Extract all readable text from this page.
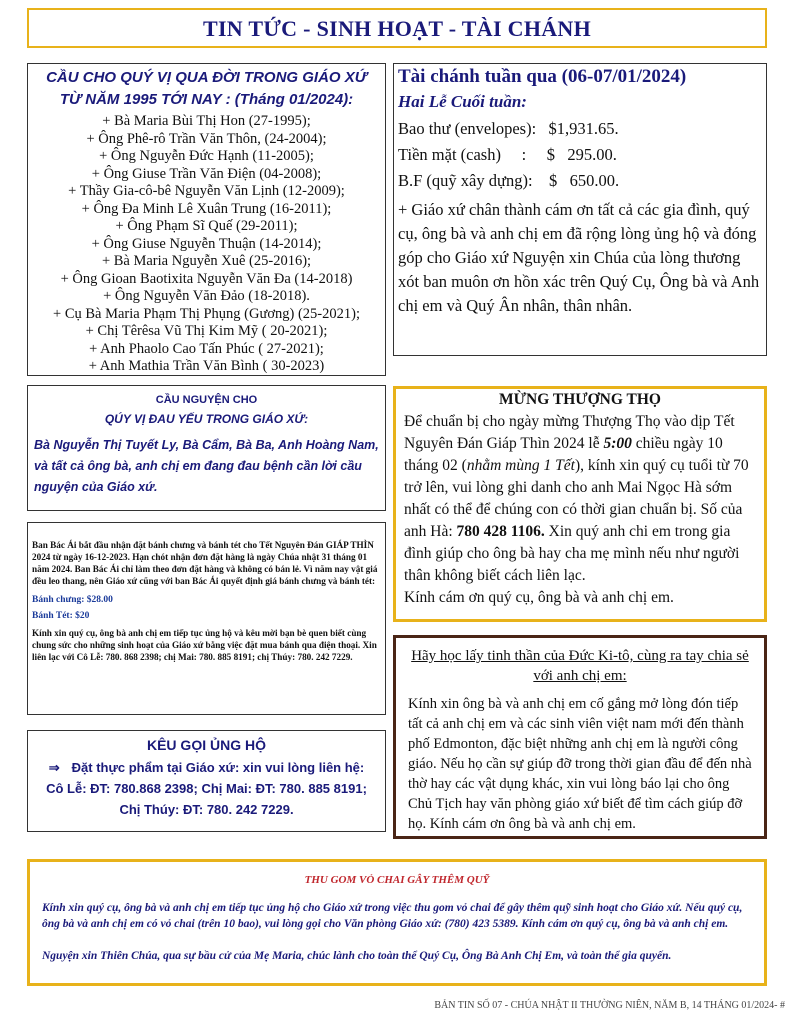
TIN TỨC - SINH HOẠT - TÀI CHÁNH
CẦU CHO QUÝ VỊ QUA ĐỜI TRONG GIÁO XỨ
TỪ NĂM 1995 TỚI NAY : (Tháng 01/2024):
+ Bà Maria Bùi Thị Hon (27-1995);
+ Ông Phê-rô Trần Văn Thôn, (24-2004);
+ Ông Nguyễn Đức Hạnh (11-2005);
+ Ông Giuse Trần Văn Điện (04-2008);
+ Thầy Gia-cô-bê Nguyễn Văn Lịnh (12-2009);
+ Ông Đa Minh Lê Xuân Trung (16-2011);
+ Ông Phạm Sĩ Quế (29-2011);
+ Ông Giuse Nguyễn Thuận (14-2014);
+ Bà Maria Nguyễn Xuê (25-2016);
+ Ông Gioan Baotixita Nguyễn Văn Đa (14-2018)
+ Ông Nguyễn Văn Đảo (18-2018).
+ Cụ Bà Maria Phạm Thị Phụng (Gương) (25-2021);
+ Chị Têrêsa Vũ Thị Kim Mỹ ( 20-2021);
+ Anh Phaolo Cao Tấn Phúc ( 27-2021);
+ Anh Mathia Trần Văn Bình ( 30-2023)
Tài chánh tuần qua (06-07/01/2024)
Hai Lễ Cuối tuần:
Bao thư (envelopes):   $1,931.65.
Tiền mặt (cash)     :     $   295.00.
B.F (quỹ xây dựng):    $   650.00.
+ Giáo xứ chân thành cám ơn tất cả các gia đình, quý cụ, ông bà và anh chị em đã rộng lòng ủng hộ và đóng góp cho Giáo xứ Nguyện xin Chúa của lòng thương xót ban muôn ơn hồn xác trên Quý Cụ, Ông bà và Anh chị em và Quý Ân nhân, thân nhân.
CẦU NGUYỆN CHO
QÚY VỊ ĐAU YẾU TRONG GIÁO XỨ:
Bà Nguyễn Thị Tuyết Ly, Bà Cẩm, Bà Ba, Anh Hoàng Nam, và tất cả ông bà, anh chị em đang đau bệnh cần lời cầu nguyện của Giáo xứ.
Ban Bác Ái bắt đầu nhận đặt bánh chưng và bánh tét cho Tết Nguyên Đán GIÁP THÌN 2024 từ ngày 16-12-2023. Hạn chót nhận đơn đặt hàng là ngày Chúa nhật 31 tháng 01 năm 2024. Ban Bác Ái chỉ làm theo đơn đặt hàng và không có bán lẻ. Vì năm nay vật giá đều leo thang, nên Giáo xứ cũng với ban Bác Ái quyết định giá bánh chưng và bánh tét:
Bánh chưng: $28.00
Bánh Tét: $20
Kính xin quý cụ, ông bà anh chị em tiếp tục ủng hộ và kêu mời bạn bè quen biết cùng chung sức cho những sinh hoạt của Giáo xứ bằng việc đặt mua bánh qua điện thoại. Xin liên lạc với Cô Lễ: 780. 868 2398; chị Mai: 780. 885 8191; chị Thúy: 780. 242 7229.
KÊU GỌI ỦNG HỘ
⇒ Đặt thực phẩm tại Giáo xứ: xin vui lòng liên hệ:
Cô Lễ: ĐT: 780.868 2398; Chị Mai: ĐT: 780. 885 8191;
Chị Thúy: ĐT: 780. 242 7229.
MỪNG THƯỢNG THỌ
Để chuẩn bị cho ngày mừng Thượng Thọ vào dịp Tết Nguyên Đán Giáp Thìn 2024 lễ 5:00 chiều ngày 10 tháng 02 (nhằm mùng 1 Tết), kính xin quý cụ tuổi từ 70 trở lên, vui lòng ghi danh cho anh Mai Ngọc Hà sớm nhất có thể để chúng con có thời gian chuẩn bị. Số của anh Hà: 780 428 1106. Xin quý anh chi em trong gia đình giúp cho ông bà hay cha mẹ mình nếu như người thân không biết cách liên lạc.
Kính cám ơn quý cụ, ông bà và anh chị em.
Hãy học lấy tinh thần của Đức Ki-tô, cùng ra tay chia sẻ với anh chị em:
Kính xin ông bà và anh chị em cố gắng mở lòng đón tiếp tất cả anh chị em và các sinh viên việt nam mới đến thành phố Edmonton, đặc biệt những anh chị em là người công giáo. Nếu họ cần sự giúp đỡ trong thời gian đầu để đến nhà thờ hay các vật dụng khác, xin vui lòng báo lại cho ông Chủ Tịch hay văn phòng giáo xứ biết để tìm cách giúp đỡ họ. Kính cám ơn ông bà và anh chị em.
THU GOM VỎ CHAI GÂY THÊM QUỸ
Kính xin quý cụ, ông bà và anh chị em tiếp tục ủng hộ cho Giáo xứ trong việc thu gom vỏ chai để gây thêm quỹ sinh hoạt cho Giáo xứ. Nếu quý cụ, ông bà và anh chị em có vỏ chai (trên 10 bao), vui lòng gọi cho Văn phòng Giáo xứ: (780) 423 5389. Kính cám ơn quý cụ, ông bà và anh chị em.
Nguyện xin Thiên Chúa, qua sự bầu cử của Mẹ Maria, chúc lành cho toàn thể Quý Cụ, Ông Bà Anh Chị Em, và toàn thể gia quyến.
BẢN TIN SỐ 07 - CHÚA NHẬT II THƯỜNG NIÊN, NĂM B, 14 THÁNG 01/2024- #
